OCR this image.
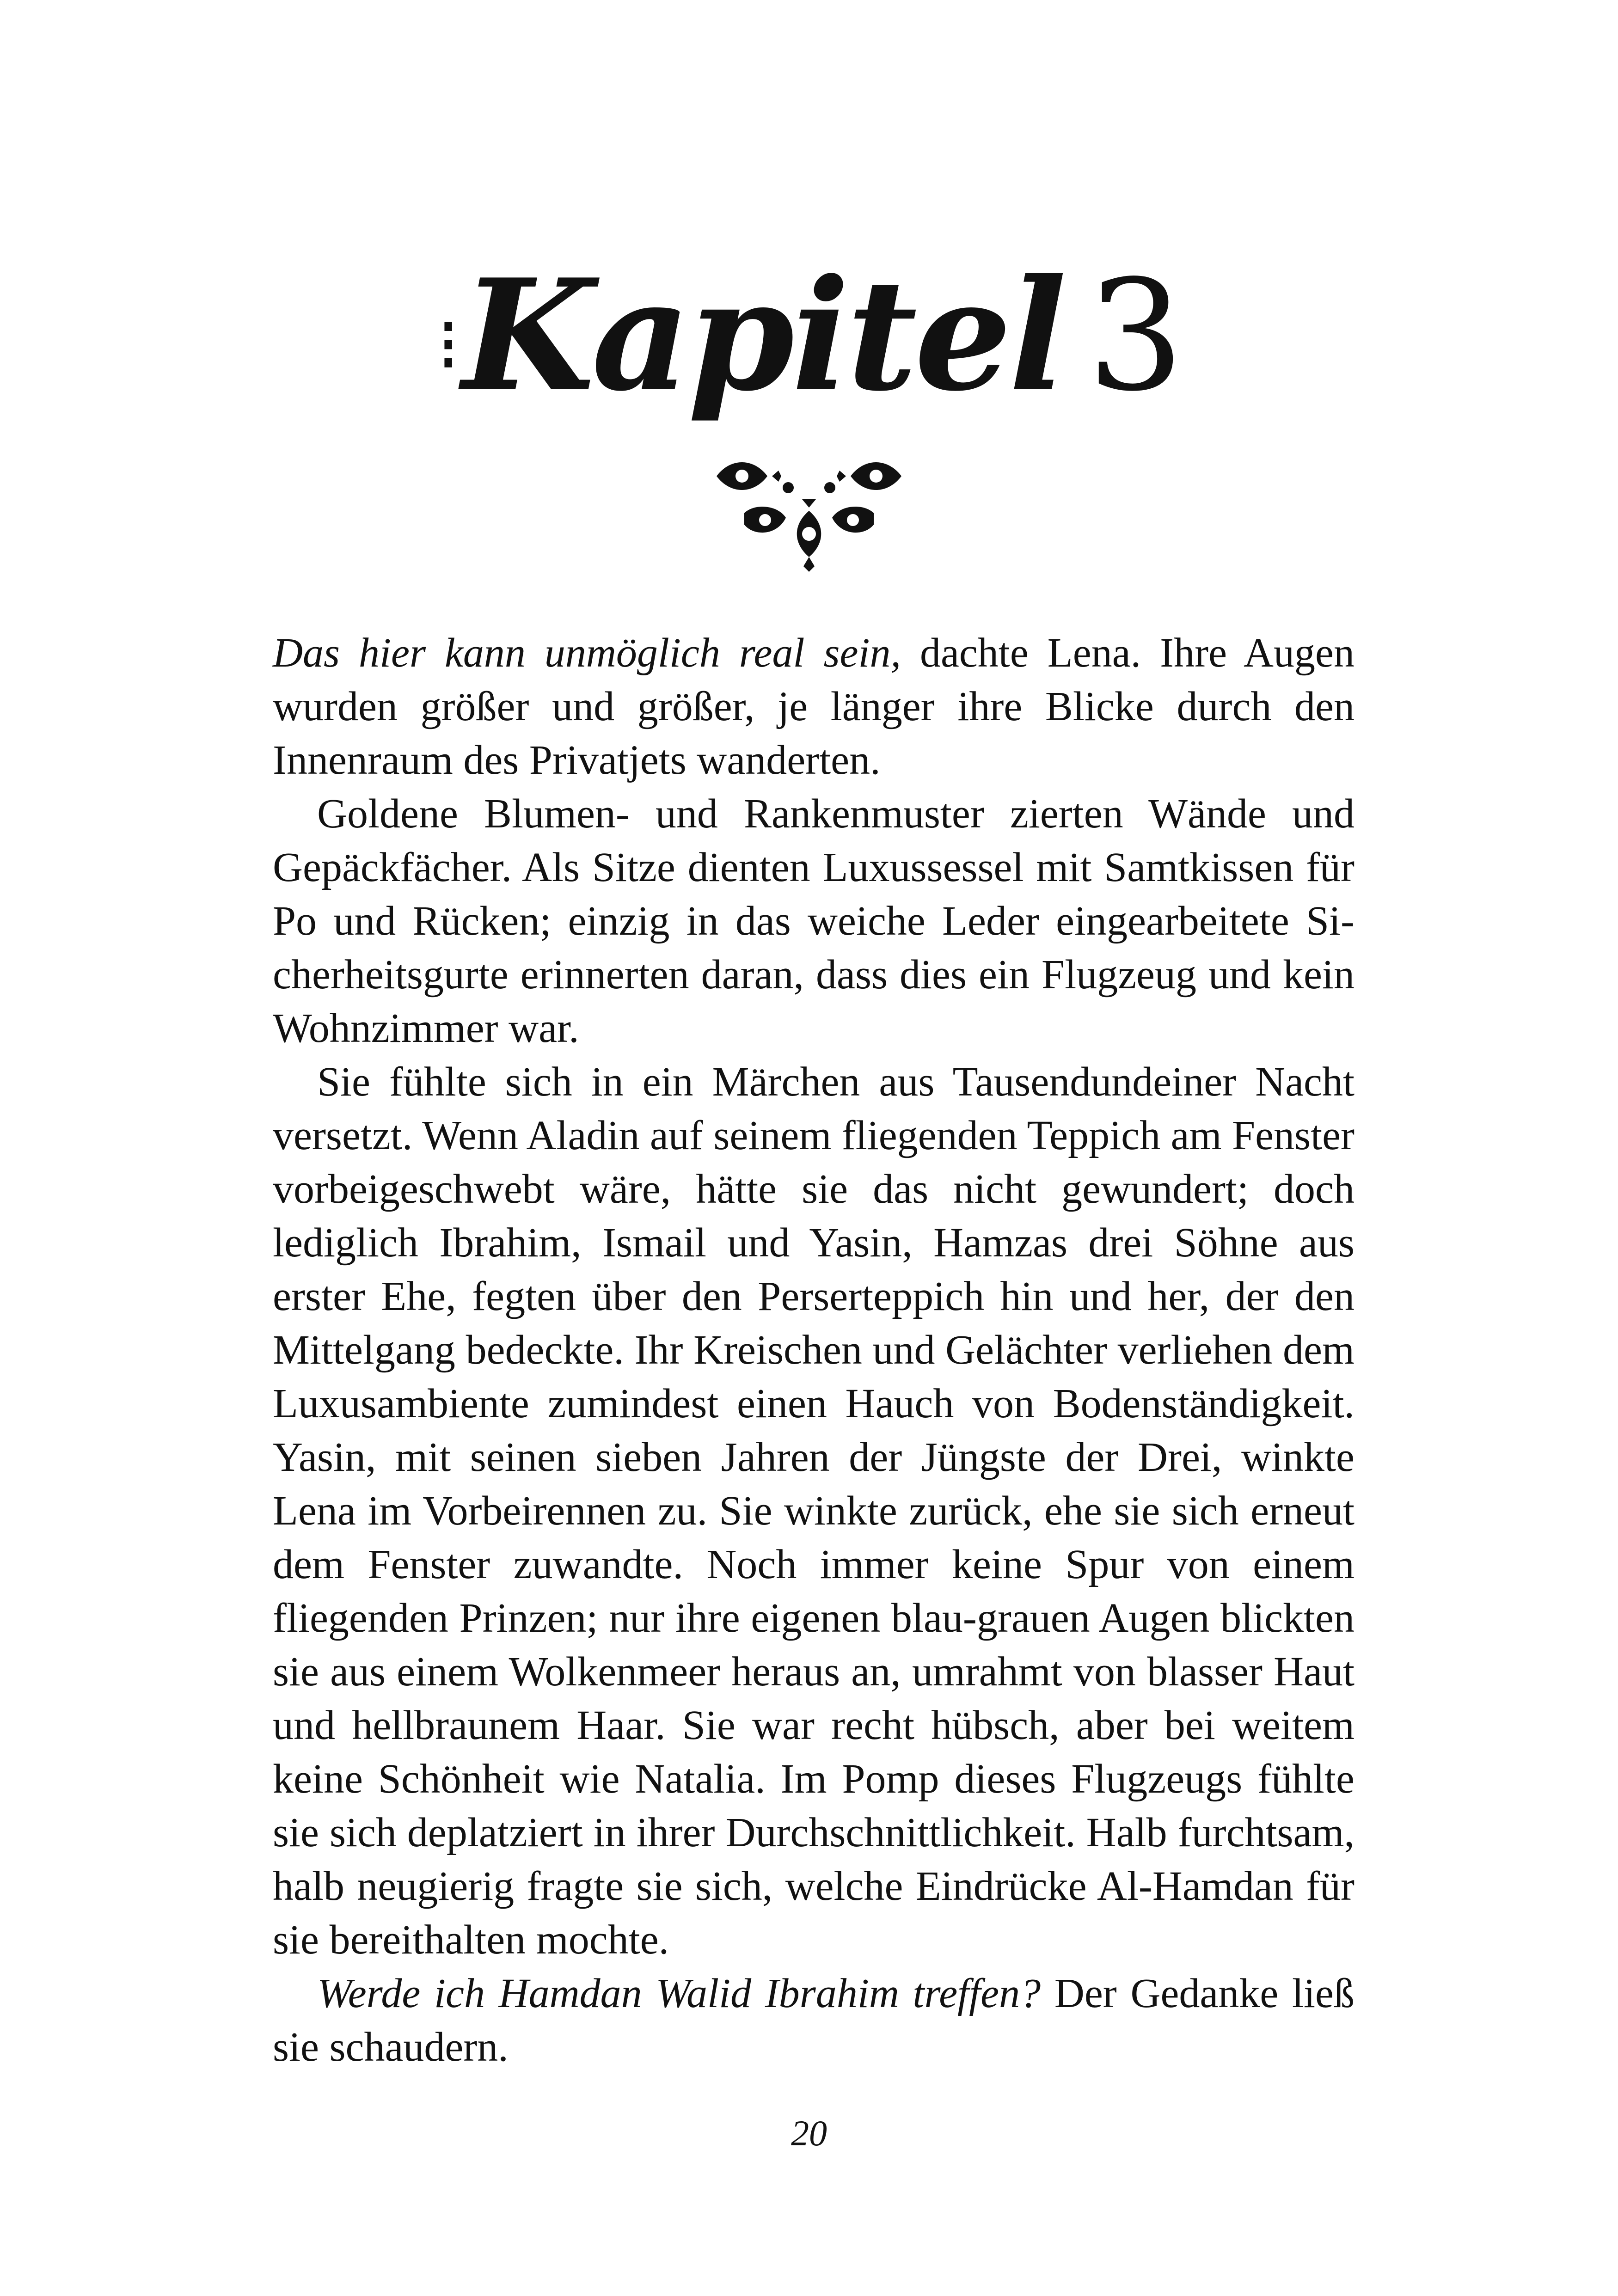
⁝ Kapitel 3

Das hier kann unmöglich real sein, dachte Lena. Ihre Augen wurden größer und größer, je länger ihre Blicke durch den Innenraum des Privatjets wanderten.

Goldene Blumen- und Rankenmuster zierten Wände und Gepäckfächer. Als Sitze dienten Luxussessel mit Samtkissen für Po und Rücken; einzig in das weiche Leder eingearbeitete Sicherheitsgurte erinnerten daran, dass dies ein Flugzeug und kein Wohnzimmer war.

Sie fühlte sich in ein Märchen aus Tausendundeiner Nacht versetzt. Wenn Aladin auf seinem fliegenden Teppich am Fenster vorbeigeschwebt wäre, hätte sie das nicht gewundert; doch lediglich Ibrahim, Ismail und Yasin, Hamzas drei Söhne aus erster Ehe, fegten über den Perserteppich hin und her, der den Mittelgang bedeckte. Ihr Kreischen und Gelächter verliehen dem Luxusambiente zumindest einen Hauch von Bodenständigkeit. Yasin, mit seinen sieben Jahren der Jüngste der Drei, winkte Lena im Vorbeirennen zu. Sie winkte zurück, ehe sie sich erneut dem Fenster zuwandte. Noch immer keine Spur von einem fliegenden Prinzen; nur ihre eigenen blau-grauen Augen blickten sie aus einem Wolkenmeer heraus an, umrahmt von blasser Haut und hellbraunem Haar. Sie war recht hübsch, aber bei weitem keine Schönheit wie Natalia. Im Pomp dieses Flugzeugs fühlte sie sich deplatziert in ihrer Durchschnittlichkeit. Halb furchtsam, halb neugierig fragte sie sich, welche Eindrücke Al-Hamdan für sie bereithalten mochte.

Werde ich Hamdan Walid Ibrahim treffen? Der Gedanke ließ sie schaudern.

20
